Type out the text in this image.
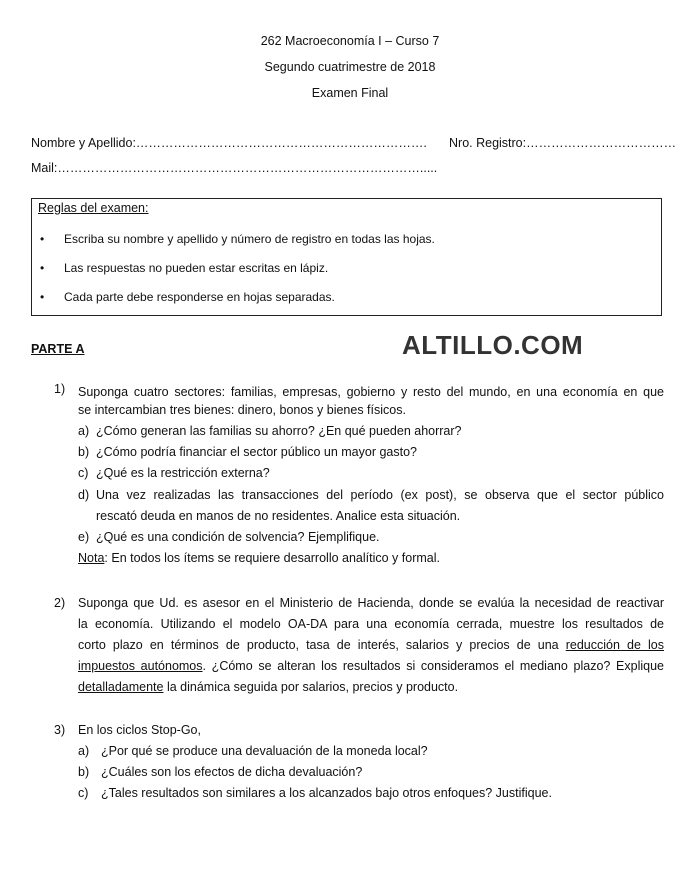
262 Macroeconomía I – Curso 7
Segundo cuatrimestre de 2018
Examen Final
Nombre y Apellido:……………………………………………………………. Nro. Registro:………………………………
Mail:…………………………………………………………………………….....
Reglas del examen:
• Escriba su nombre y apellido y número de registro en todas las hojas.
• Las respuestas no pueden estar escritas en lápiz.
• Cada parte debe responderse en hojas separadas.
PARTE A	ALTILLO.COM
1) Suponga cuatro sectores: familias, empresas, gobierno y resto del mundo, en una economía en que
se intercambian tres bienes: dinero, bonos y bienes físicos.
a) ¿Cómo generan las familias su ahorro? ¿En qué pueden ahorrar?
b) ¿Cómo podría financiar el sector público un mayor gasto?
c) ¿Qué es la restricción externa?
d) Una vez realizadas las transacciones del período (ex post), se observa que el sector público
rescató deuda en manos de no residentes. Analice esta situación.
e) ¿Qué es una condición de solvencia? Ejemplifique.
Nota: En todos los ítems se requiere desarrollo analítico y formal.
2) Suponga que Ud. es asesor en el Ministerio de Hacienda, donde se evalúa la necesidad de reactivar
la economía. Utilizando el modelo OA-DA para una economía cerrada, muestre los resultados de
corto plazo en términos de producto, tasa de interés, salarios y precios de una reducción de los
impuestos autónomos. ¿Cómo se alteran los resultados si consideramos el mediano plazo? Explique
detalladamente la dinámica seguida por salarios, precios y producto.
3) En los ciclos Stop-Go,
a) ¿Por qué se produce una devaluación de la moneda local?
b) ¿Cuáles son los efectos de dicha devaluación?
c) ¿Tales resultados son similares a los alcanzados bajo otros enfoques? Justifique.
